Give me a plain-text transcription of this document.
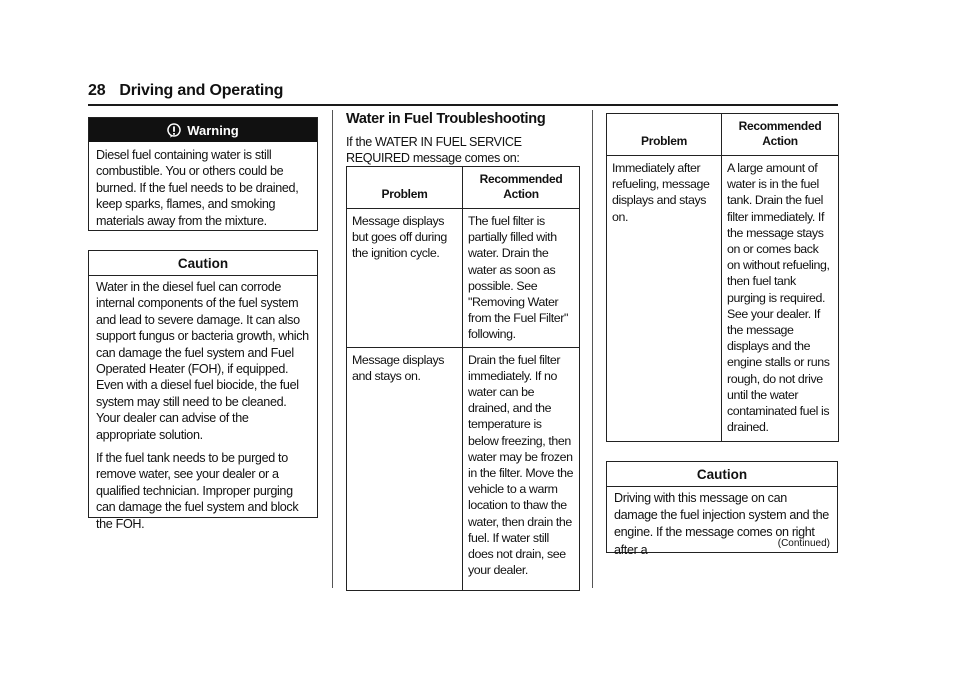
28 Driving and Operating
Warning
Diesel fuel containing water is still combustible. You or others could be burned. If the fuel needs to be drained, keep sparks, flames, and smoking materials away from the mixture.
Caution

Water in the diesel fuel can corrode internal components of the fuel system and lead to severe damage. It can also support fungus or bacteria growth, which can damage the fuel system and Fuel Operated Heater (FOH), if equipped. Even with a diesel fuel biocide, the fuel system may still need to be cleaned. Your dealer can advise of the appropriate solution.

If the fuel tank needs to be purged to remove water, see your dealer or a qualified technician. Improper purging can damage the fuel system and block the FOH.

Water in Fuel Troubleshooting
If the WATER IN FUEL SERVICE REQUIRED message comes on:
Problem	Recommended Action
Message displays but goes off during the ignition cycle.	The fuel filter is partially filled with water. Drain the water as soon as possible. See "Removing Water from the Fuel Filter" following.
Message displays and stays on.	Drain the fuel filter immediately. If no water can be drained, and the temperature is below freezing, then water may be frozen in the filter. Move the vehicle to a warm location to thaw the water, then drain the fuel. If water still does not drain, see your dealer.
Problem	Recommended Action
Immediately after refueling, message displays and stays on.	A large amount of water is in the fuel tank. Drain the fuel filter immediately. If the message stays on or comes back on without refueling, then fuel tank purging is required. See your dealer. If the message displays and the engine stalls or runs rough, do not drive until the water contaminated fuel is drained.
Caution

Driving with this message on can damage the fuel injection system and the engine. If the message comes on right after a	(Continued)
